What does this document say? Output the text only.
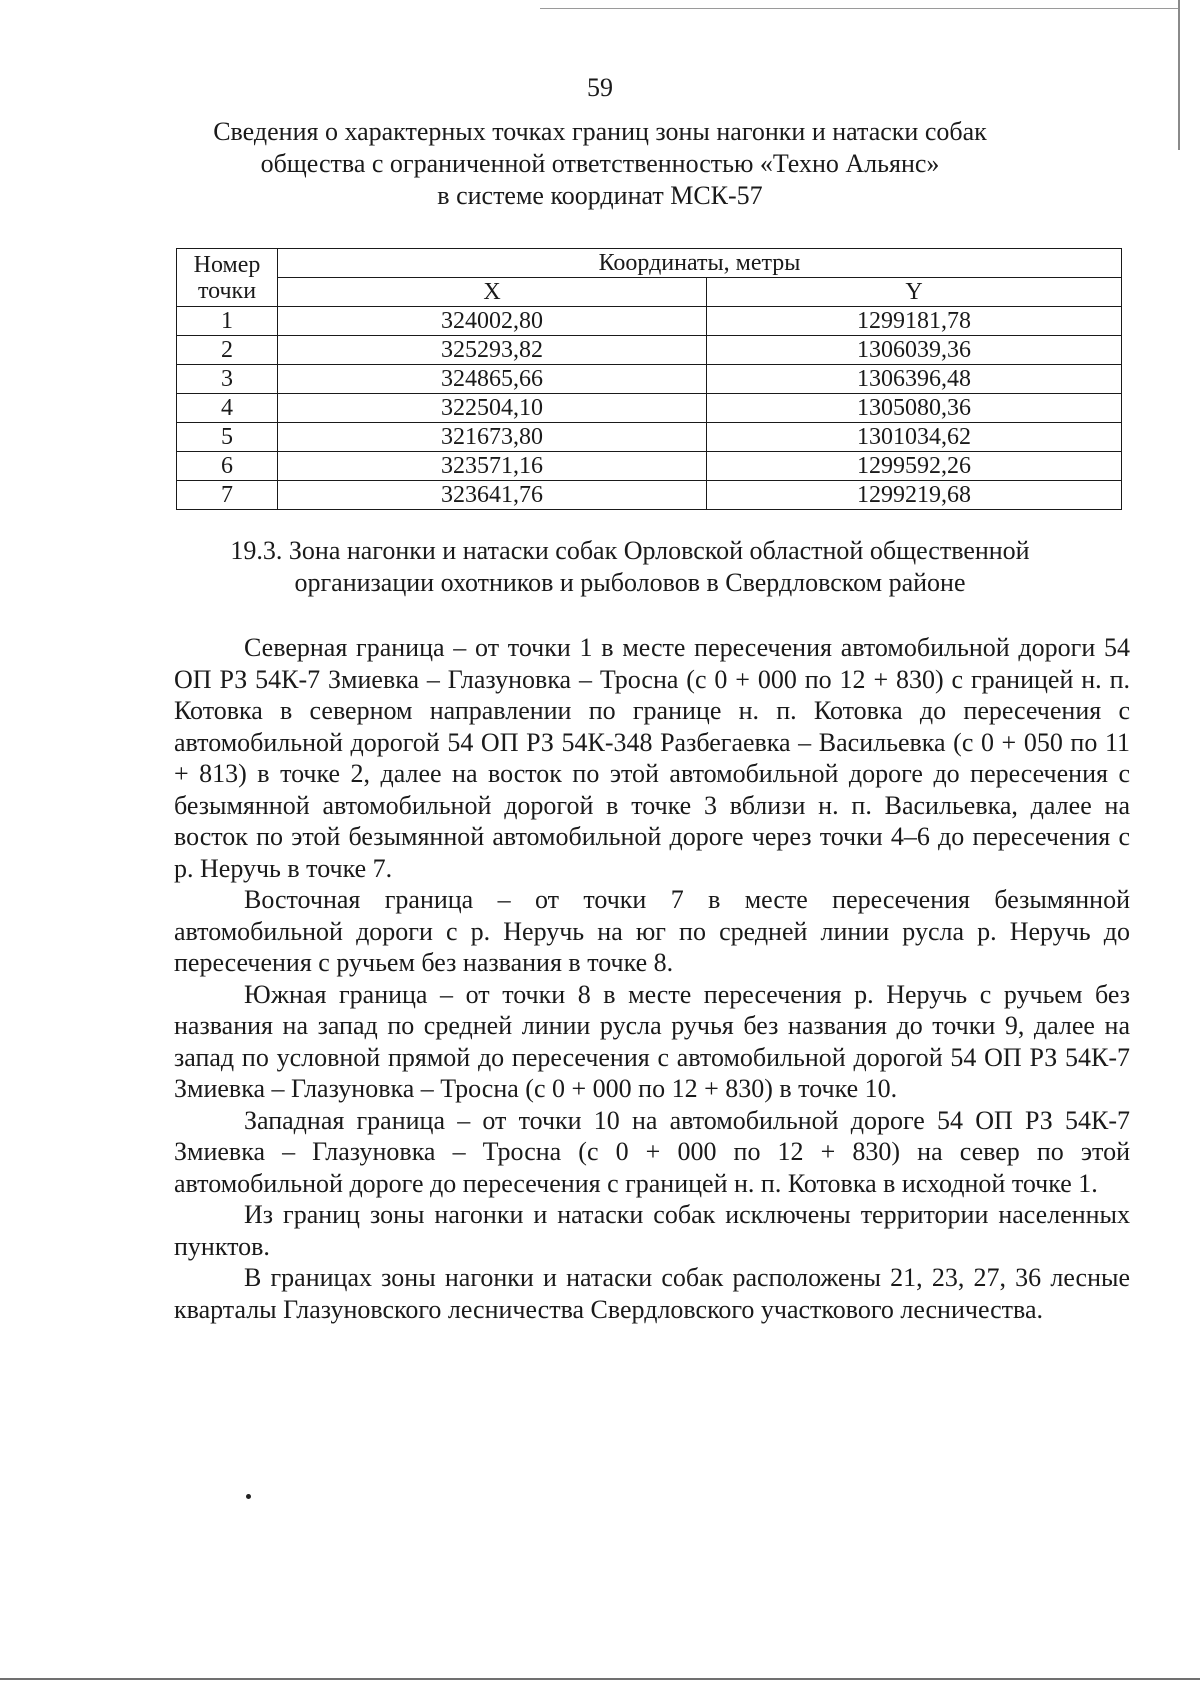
59
Сведения о характерных точках границ зоны нагонки и натаски собак
общества с ограниченной ответственностью «Техно Альянс»
в системе координат МСК-57
Номер
точки	Координаты, метры	
	X	Y
1	324002,80	1299181,78
2	325293,82	1306039,36
3	324865,66	1306396,48
4	322504,10	1305080,36
5	321673,80	1301034,62
6	323571,16	1299592,26
7	323641,76	1299219,68
19.3. Зона нагонки и натаски собак Орловской областной общественной
организации охотников и рыболовов в Свердловском районе

Северная граница – от точки 1 в месте пересечения автомобильной дороги 54 ОП РЗ 54К-7 Змиевка – Глазуновка – Тросна (с 0 + 000 по 12 + 830) с границей н. п. Котовка в северном направлении по границе н. п. Котовка до пересечения с автомобильной дорогой 54 ОП РЗ 54К-348 Разбегаевка – Васильевка (с 0 + 050 по 11 + 813) в точке 2, далее на восток по этой автомобильной дороге до пересечения с безымянной автомобильной дорогой в точке 3 вблизи н. п. Васильевка, далее на восток по этой безымянной автомобильной дороге через точки 4–6 до пересечения с р. Неручь в точке 7.

Восточная граница – от точки 7 в месте пересечения безымянной автомобильной дороги с р. Неручь на юг по средней линии русла р. Неручь до пересечения с ручьем без названия в точке 8.

Южная граница – от точки 8 в месте пересечения р. Неручь с ручьем без названия на запад по средней линии русла ручья без названия до точки 9, далее на запад по условной прямой до пересечения с автомобильной дорогой 54 ОП РЗ 54К-7 Змиевка – Глазуновка – Тросна (с 0 + 000 по 12 + 830) в точке 10.

Западная граница – от точки 10 на автомобильной дороге 54 ОП РЗ 54К-7 Змиевка – Глазуновка – Тросна (с 0 + 000 по 12 + 830) на север по этой автомобильной дороге до пересечения с границей н. п. Котовка в исходной точке 1.

Из границ зоны нагонки и натаски собак исключены территории населенных пунктов.

В границах зоны нагонки и натаски собак расположены 21, 23, 27, 36 лесные кварталы Глазуновского лесничества Свердловского участкового лесничества.
